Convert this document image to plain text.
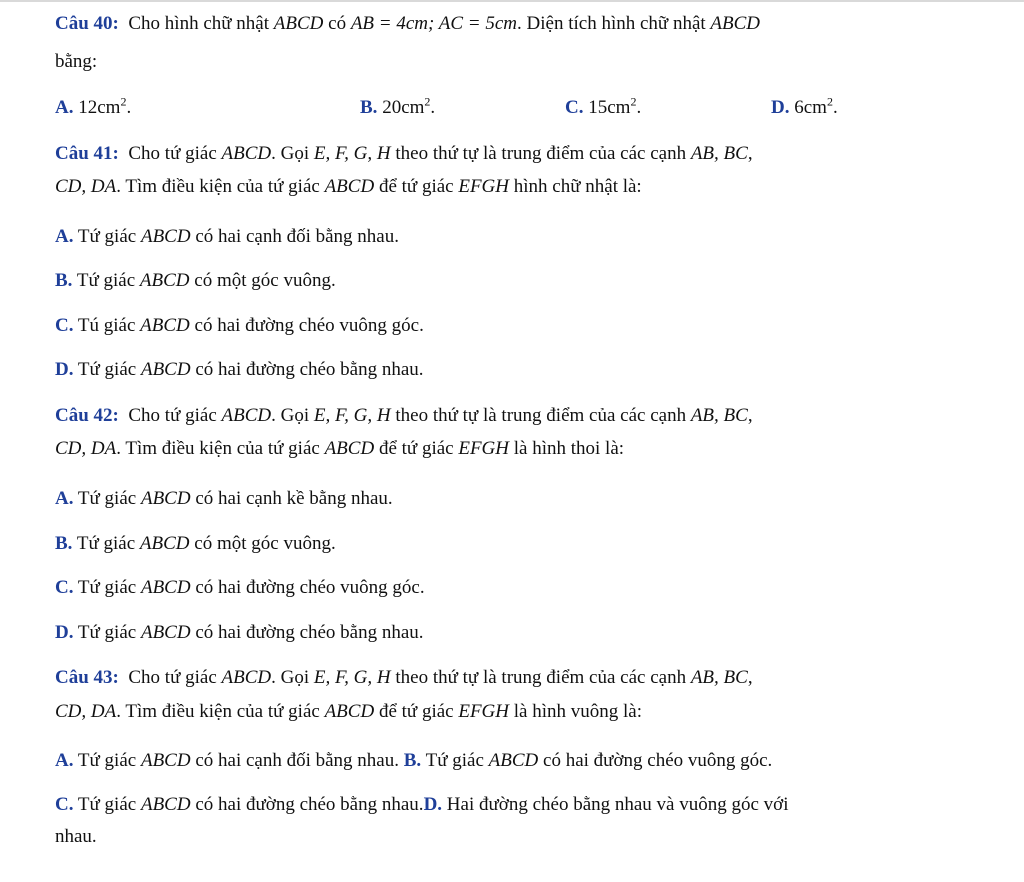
Câu 40: Cho hình chữ nhật ABCD có AB = 4cm; AC = 5cm. Diện tích hình chữ nhật ABCD
bằng:
A. $12cm^2$.	B. $20cm^2$.	C. $15cm^2$.	D. $6cm^2$.
Câu 41: Cho tứ giác ABCD. Gọi E, F, G, H theo thứ tự là trung điểm của các cạnh AB, BC,
CD, DA. Tìm điều kiện của tứ giác ABCD để tứ giác EFGH hình chữ nhật là:
A. Tứ giác ABCD có hai cạnh đối bằng nhau.
B. Tứ giác ABCD có một góc vuông.
C. Tú giác ABCD có hai đường chéo vuông góc.
D. Tứ giác ABCD có hai đường chéo bằng nhau.
Câu 42: Cho tứ giác ABCD. Gọi E, F, G, H theo thứ tự là trung điểm của các cạnh AB, BC,
CD, DA. Tìm điều kiện của tứ giác ABCD để tứ giác EFGH là hình thoi là:
A. Tứ giác ABCD có hai cạnh kề bằng nhau.
B. Tứ giác ABCD có một góc vuông.
C. Tứ giác ABCD có hai đường chéo vuông góc.
D. Tứ giác ABCD có hai đường chéo bằng nhau.
Câu 43: Cho tứ giác ABCD. Gọi E, F, G, H theo thứ tự là trung điểm của các cạnh AB, BC,
CD, DA. Tìm điều kiện của tứ giác ABCD để tứ giác EFGH là hình vuông là:
A. Tứ giác ABCD có hai cạnh đối bằng nhau. B. Tứ giác ABCD có hai đường chéo vuông góc.
C. Tứ giác ABCD có hai đường chéo bằng nhau.D. Hai đường chéo bằng nhau và vuông góc với
nhau.
